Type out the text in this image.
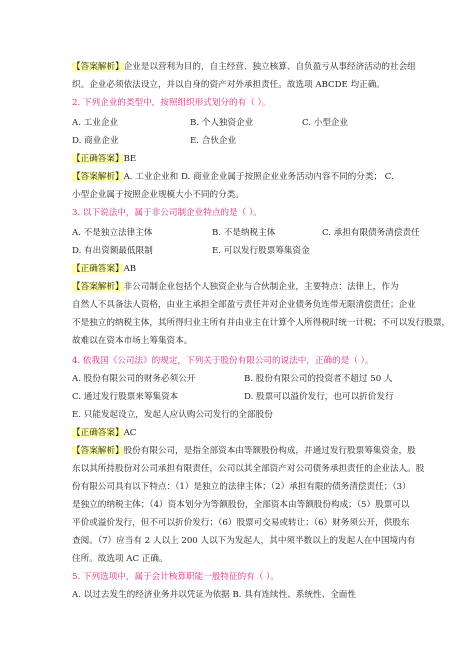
【答案解析】企业是以营利为目的，自主经营、独立核算、自负盈亏从事经济活动的社会组
织。企业必须依法设立，并以自身的资产对外承担责任。故选项 ABCDE 均正确。
2. 下列企业的类型中，按照组织形式划分的有（ ）。
【正确答案】BE
【答案解析】A. 工业企业和 D. 商业企业属于按照企业业务活动内容不同的分类； C.
小型企业属于按照企业规模大小不同的分类。
3. 以下说法中，属于非公司制企业特点的是（ ）。
【正确答案】AB
【答案解析】非公司制企业包括个人独资企业与合伙制企业，主要特点：法律上，作为
自然人不具备法人资格，由业主承担全部盈亏责任并对企业债务负连带无限清偿责任；企业
不是独立的纳税主体，其所得归业主所有并由业主在计算个人所得税时统一计税；不可以发行股票，
故难以在资本市场上筹集资本。
4. 依我国《公司法》的规定，下列关于股份有限公司的说法中，正确的是（ ）。
【正确答案】AC
【答案解析】股份有限公司，是指全部资本由等额股份构成，并通过发行股票筹集资金，股
东以其所持股份对公司承担有限责任，公司以其全部资产对公司债务承担责任的企业法人。股
份有限公司具有以下特点：（1）是独立的法律主体；（2）承担有限的债务清偿责任；（3）
是独立的纳税主体；（4）资本划分为等额股份，全部资本由等额股份构成；（5）股票可以
平价或溢价发行，但不可以折价发行；（6）股票可交易或转让；（6）财务须公开，供股东
查阅。（7）应当有 2 人以上 200 人以下为发起人，其中须半数以上的发起人在中国境内有
住所。故选项 AC 正确。
5. 下列选项中，属于会计核算职能一般特征的有（ ）。
A. 以过去发生的经济业务并以凭证为依据 B. 具有连续性、系统性、全面性
A. 工业企业	B. 个人独资企业	C. 小型企业
D. 商业企业	E. 合伙企业
A. 不是独立法律主体	B. 不是纳税主体	C. 承担有限债务清偿责任
D. 有出资额最低限制	E. 可以发行股票筹集资金
A. 股份有限公司的财务必须公开	B. 股份有限公司的投资者不超过 50 人
C. 通过发行股票来筹集资本	D. 股票可以溢价发行，也可以折价发行
E. 只能发起设立，发起人应认购公司发行的全部股份
